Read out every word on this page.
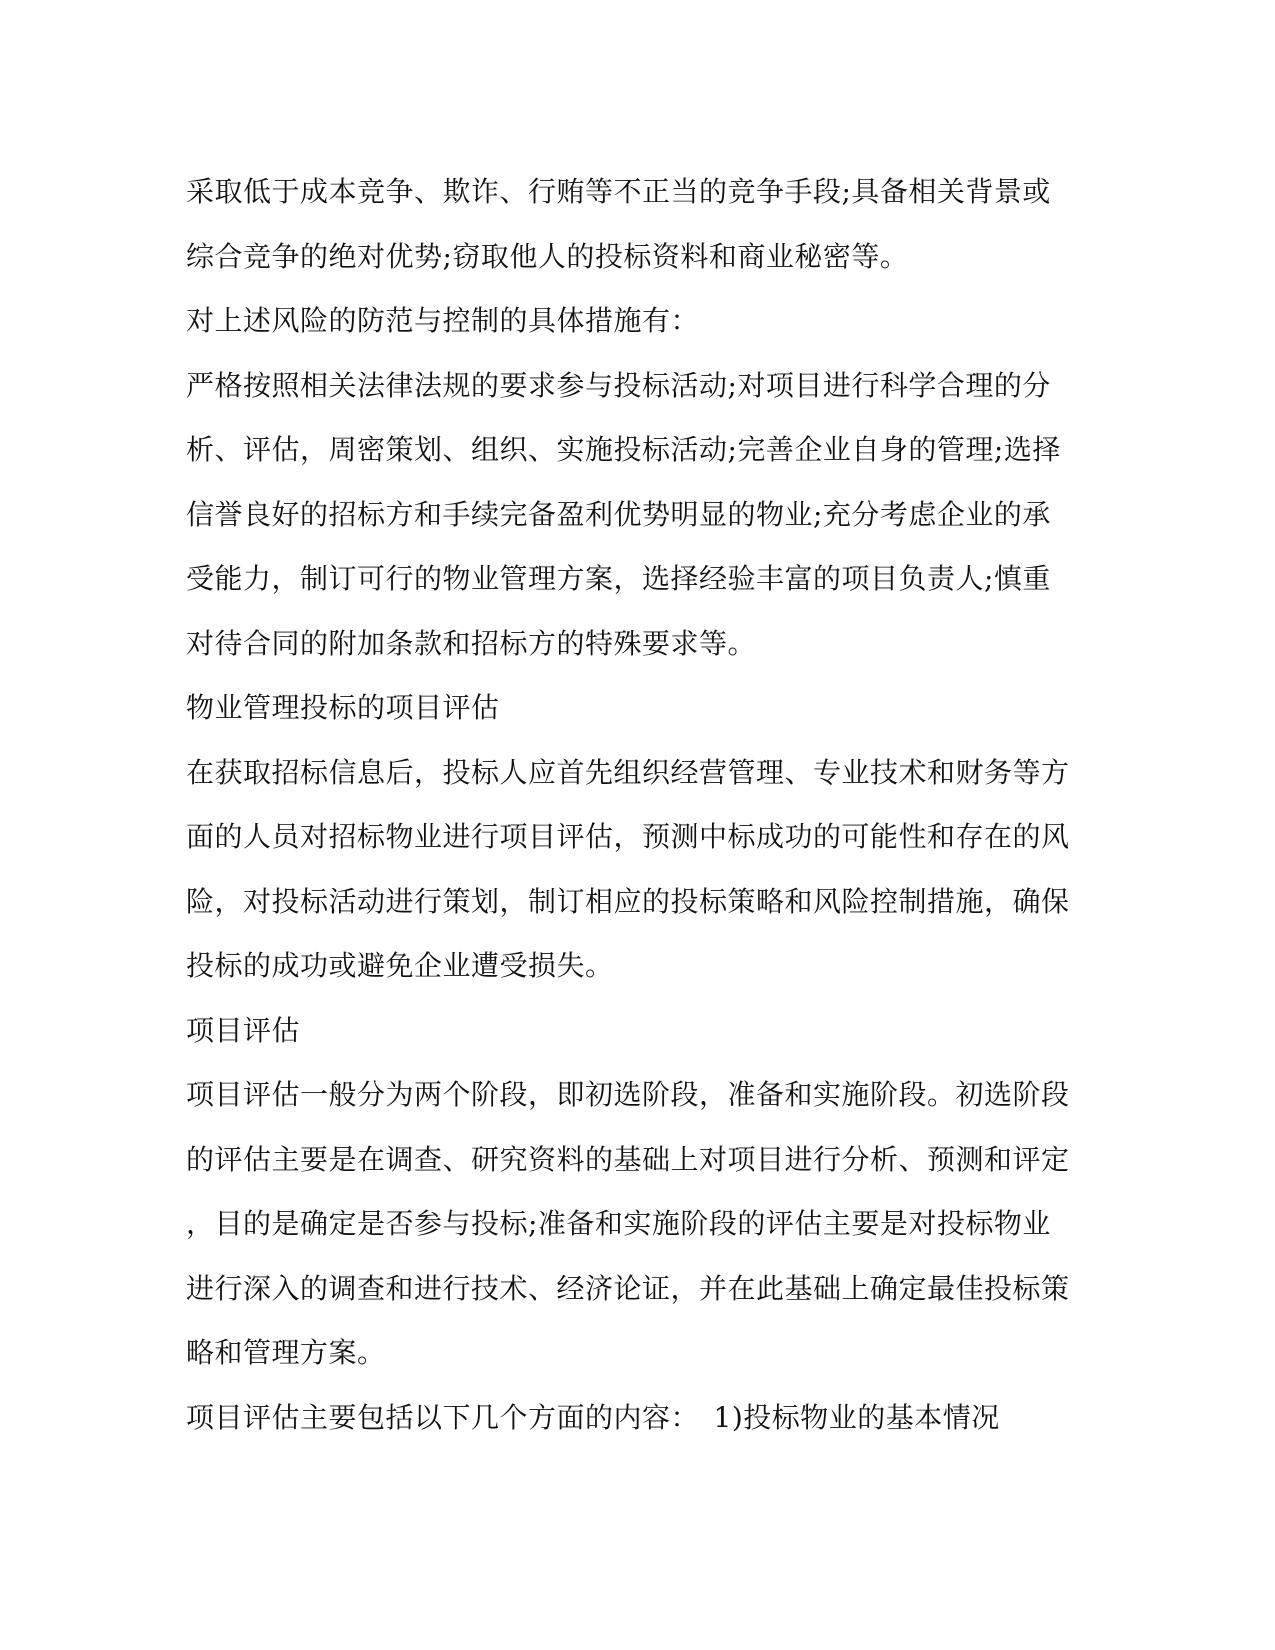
采取低于成本竞争、欺诈、行贿等不正当的竞争手段;具备相关背景或
综合竞争的绝对优势;窃取他人的投标资料和商业秘密等。
对上述风险的防范与控制的具体措施有：
严格按照相关法律法规的要求参与投标活动;对项目进行科学合理的分
析、评估，周密策划、组织、实施投标活动;完善企业自身的管理;选择
信誉良好的招标方和手续完备盈利优势明显的物业;充分考虑企业的承
受能力，制订可行的物业管理方案，选择经验丰富的项目负责人;慎重
对待合同的附加条款和招标方的特殊要求等。
物业管理投标的项目评估
在获取招标信息后，投标人应首先组织经营管理、专业技术和财务等方
面的人员对招标物业进行项目评估，预测中标成功的可能性和存在的风
险，对投标活动进行策划，制订相应的投标策略和风险控制措施，确保
投标的成功或避免企业遭受损失。
项目评估
项目评估一般分为两个阶段，即初选阶段，准备和实施阶段。初选阶段
的评估主要是在调查、研究资料的基础上对项目进行分析、预测和评定
，目的是确定是否参与投标;准备和实施阶段的评估主要是对投标物业
进行深入的调查和进行技术、经济论证，并在此基础上确定最佳投标策
略和管理方案。
项目评估主要包括以下几个方面的内容：　1)投标物业的基本情况
